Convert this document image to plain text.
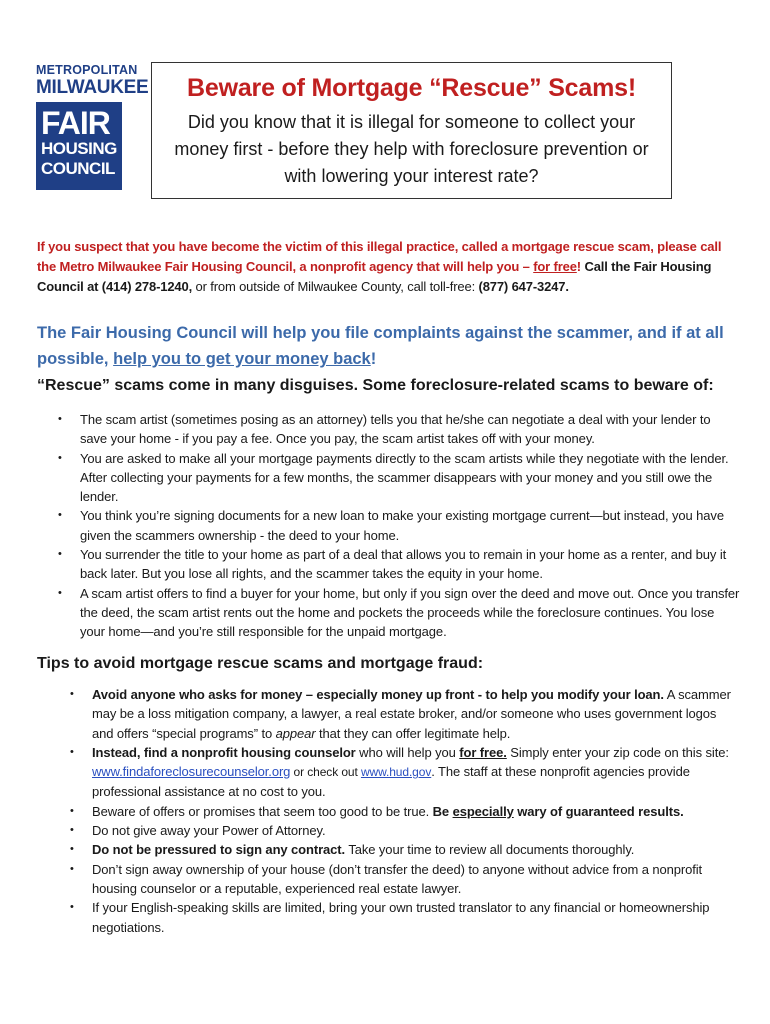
METROPOLITAN
MILWAUKEE
FAIR
HOUSING
COUNCIL
Beware of Mortgage “Rescue” Scams!
Did you know that it is illegal for someone to collect your money first - before they help with foreclosure prevention or with lowering your interest rate?
If you suspect that you have become the victim of this illegal practice, called a mortgage rescue scam, please call the Metro Milwaukee Fair Housing Council, a nonprofit agency that will help you – for free! Call the Fair Housing Council at (414) 278-1240, or from outside of Milwaukee County, call toll-free: (877) 647-3247.
The Fair Housing Council will help you file complaints against the scammer, and if at all possible, help you to get your money back!
“Rescue” scams come in many disguises. Some foreclosure-related scams to beware of:
• The scam artist (sometimes posing as an attorney) tells you that he/she can negotiate a deal with your lender to save your home - if you pay a fee. Once you pay, the scam artist takes off with your money.
• You are asked to make all your mortgage payments directly to the scam artists while they negotiate with the lender. After collecting your payments for a few months, the scammer disappears with your money and you still owe the lender.
• You think you’re signing documents for a new loan to make your existing mortgage current—but instead, you have given the scammers ownership - the deed to your home.
• You surrender the title to your home as part of a deal that allows you to remain in your home as a renter, and buy it back later. But you lose all rights, and the scammer takes the equity in your home.
• A scam artist offers to find a buyer for your home, but only if you sign over the deed and move out. Once you transfer the deed, the scam artist rents out the home and pockets the proceeds while the foreclosure continues. You lose your home—and you’re still responsible for the unpaid mortgage.
Tips to avoid mortgage rescue scams and mortgage fraud:
• Avoid anyone who asks for money – especially money up front - to help you modify your loan. A scammer may be a loss mitigation company, a lawyer, a real estate broker, and/or someone who uses government logos and offers “special programs” to appear that they can offer legitimate help.
• Instead, find a nonprofit housing counselor who will help you for free. Simply enter your zip code on this site: www.findaforeclosurecounselor.org or check out www.hud.gov. The staff at these nonprofit agencies provide professional assistance at no cost to you.
• Beware of offers or promises that seem too good to be true. Be especially wary of guaranteed results.
• Do not give away your Power of Attorney.
• Do not be pressured to sign any contract. Take your time to review all documents thoroughly.
• Don’t sign away ownership of your house (don’t transfer the deed) to anyone without advice from a nonprofit housing counselor or a reputable, experienced real estate lawyer.
• If your English-speaking skills are limited, bring your own trusted translator to any financial or homeownership negotiations.
